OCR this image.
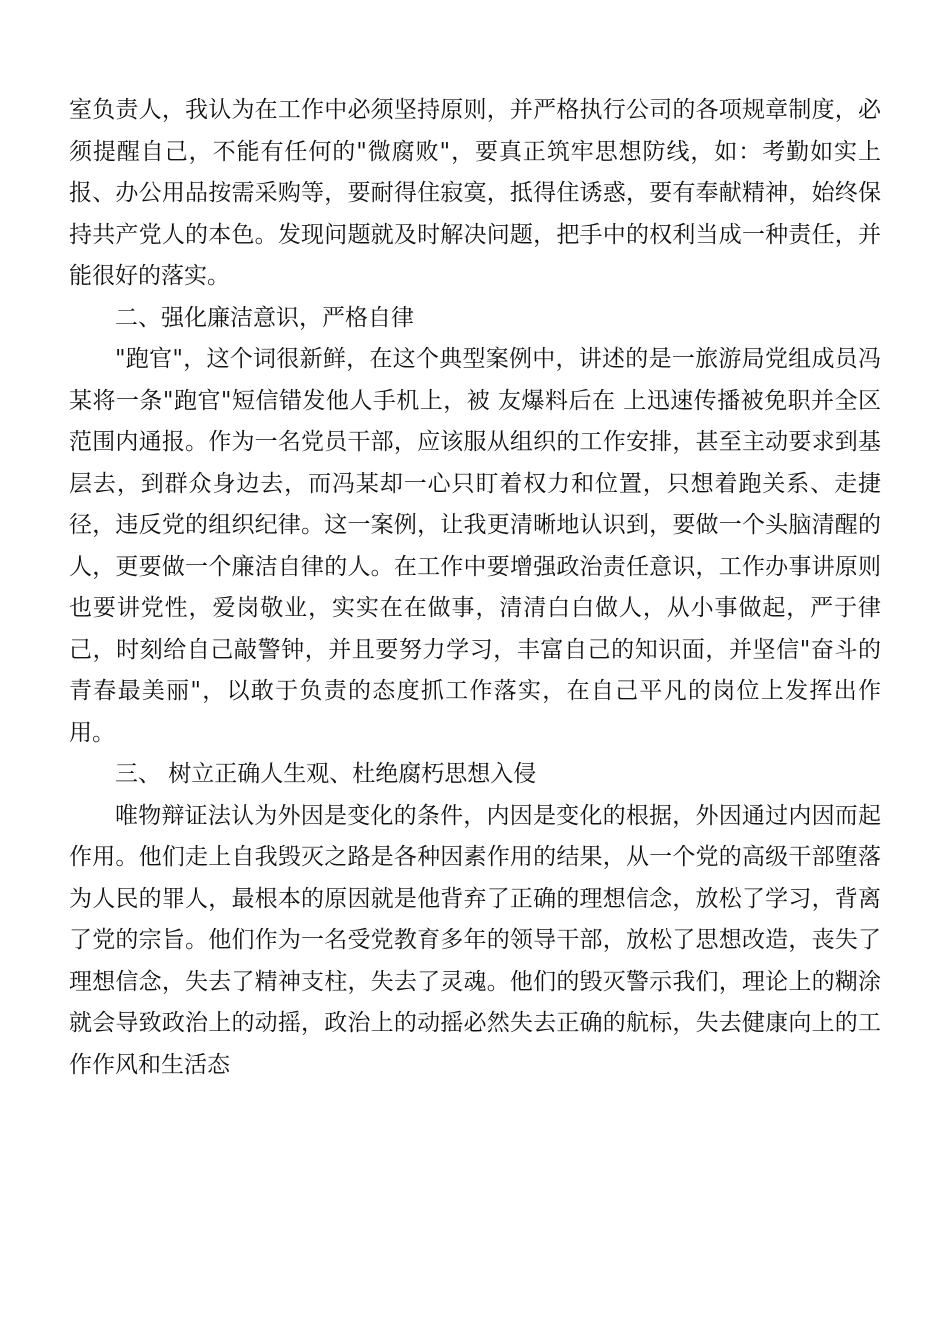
室负责人，我认为在工作中必须坚持原则，并严格执行公司的各项规章制度，必须提醒自己，不能有任何的"微腐败"，要真正筑牢思想防线，如：考勤如实上报、办公用品按需采购等，要耐得住寂寞，抵得住诱惑，要有奉献精神，始终保持共产党人的本色。发现问题就及时解决问题，把手中的权利当成一种责任，并能很好的落实。

二、强化廉洁意识，严格自律

"跑官"，这个词很新鲜，在这个典型案例中，讲述的是一旅游局党组成员冯某将一条"跑官"短信错发他人手机上，被 友爆料后在 上迅速传播被免职并全区范围内通报。作为一名党员干部，应该服从组织的工作安排，甚至主动要求到基层去，到群众身边去，而冯某却一心只盯着权力和位置，只想着跑关系、走捷径，违反党的组织纪律。这一案例，让我更清晰地认识到，要做一个头脑清醒的人，更要做一个廉洁自律的人。在工作中要增强政治责任意识，工作办事讲原则也要讲党性，爱岗敬业，实实在在做事，清清白白做人，从小事做起，严于律己，时刻给自己敲警钟，并且要努力学习，丰富自己的知识面，并坚信"奋斗的青春最美丽"，以敢于负责的态度抓工作落实，在自己平凡的岗位上发挥出作用。

三、 树立正确人生观、杜绝腐朽思想入侵

唯物辩证法认为外因是变化的条件，内因是变化的根据，外因通过内因而起作用。他们走上自我毁灭之路是各种因素作用的结果，从一个党的高级干部堕落为人民的罪人，最根本的原因就是他背弃了正确的理想信念，放松了学习，背离了党的宗旨。他们作为一名受党教育多年的领导干部，放松了思想改造，丧失了理想信念，失去了精神支柱，失去了灵魂。他们的毁灭警示我们，理论上的糊涂就会导致政治上的动摇，政治上的动摇必然失去正确的航标，失去健康向上的工作作风和生活态
